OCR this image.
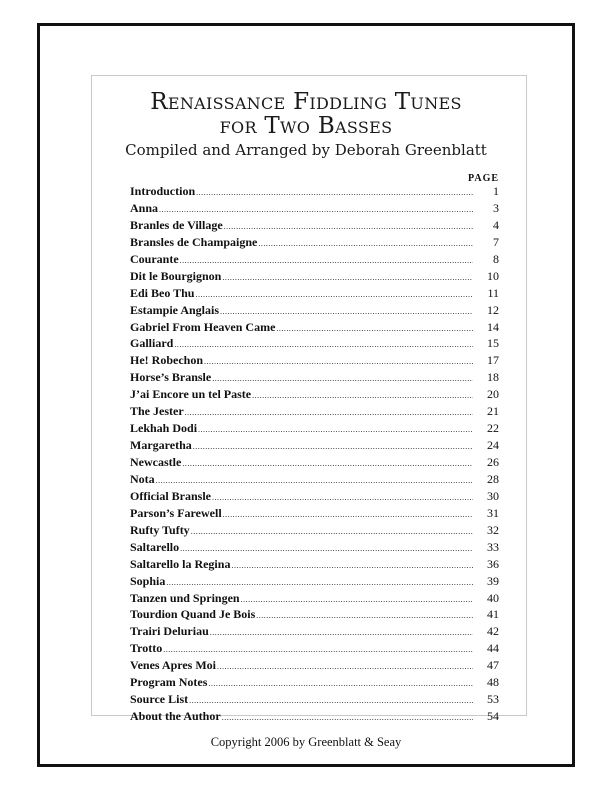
Renaissance Fiddling Tunes
for Two Basses
Compiled and Arranged by Deborah Greenblatt
PAGE
Introduction .....	1
Anna .....	3
Branles de Village .....	4
Bransles de Champaigne .....	7
Courante .....	8
Dit le Bourgignon .....	10
Edi Beo Thu .....	11
Estampie Anglais .....	12
Gabriel From Heaven Came .....	14
Galliard .....	15
He! Robechon .....	17
Horse’s Bransle .....	18
J’ai Encore un tel Paste .....	20
The Jester .....	21
Lekhah Dodi .....	22
Margaretha .....	24
Newcastle .....	26
Nota .....	28
Official Bransle .....	30
Parson’s Farewell .....	31
Rufty Tufty .....	32
Saltarello .....	33
Saltarello la Regina .....	36
Sophia .....	39
Tanzen und Springen .....	40
Tourdion Quand Je Bois .....	41
Trairi Deluriau .....	42
Trotto .....	44
Venes Apres Moi .....	47
Program Notes .....	48
Source List .....	53
About the Author .....	54
Copyright 2006 by Greenblatt & Seay
